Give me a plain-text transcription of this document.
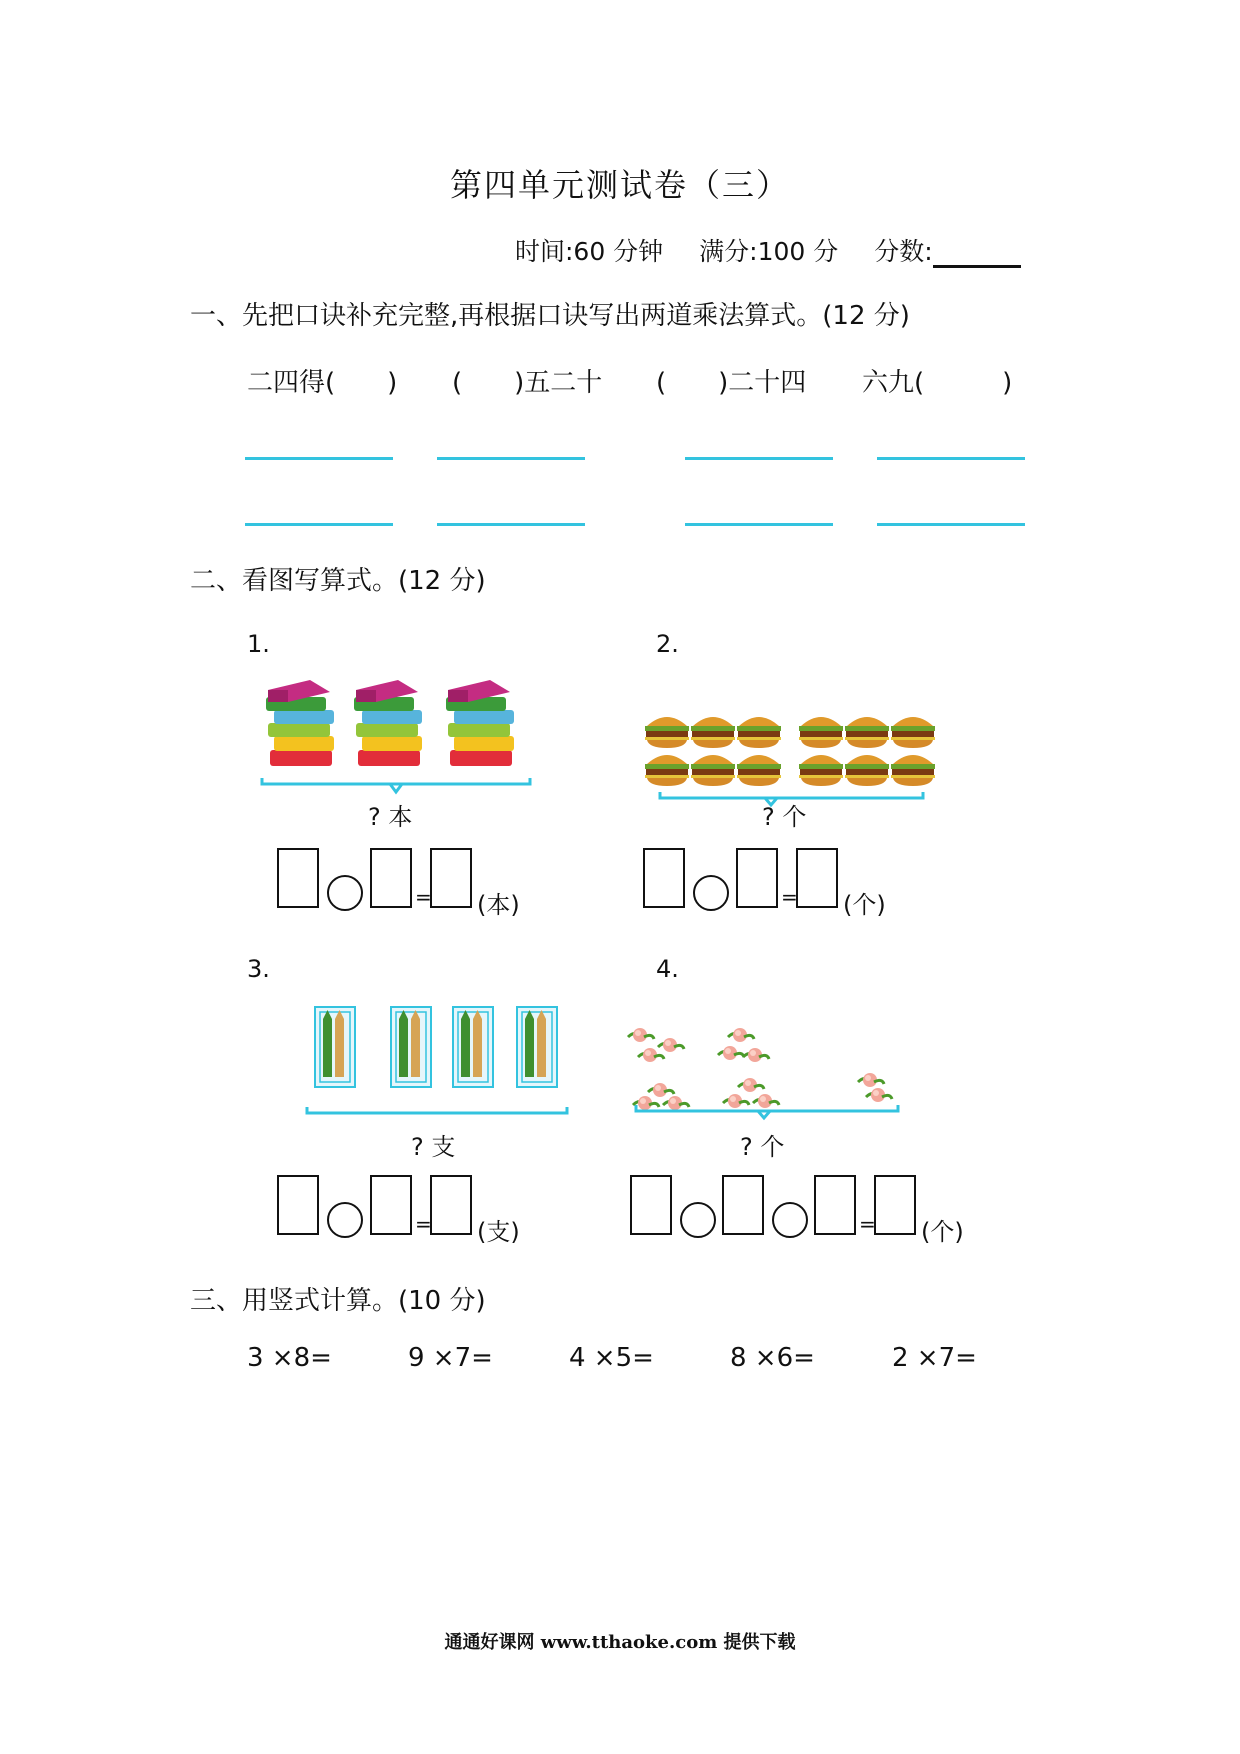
第四单元测试卷（三）
时间:60 分钟 满分:100 分 分数:
一、先把口诀补充完整,再根据口诀写出两道乘法算式。(12 分)
二四得(　　) (　　)五二十 (　　)二十四 六九(　　　)
二、看图写算式。(12 分)
1.
? 本
= (本)
2.
? 个
= (个)
3.
? 支
= (支)
4.
? 个
= (个)
三、用竖式计算。(10 分)
3 ×8=	9 ×7=	4 ×5=	8 ×6=	2 ×7=
通通好课网 www.tthaoke.com 提供下载
